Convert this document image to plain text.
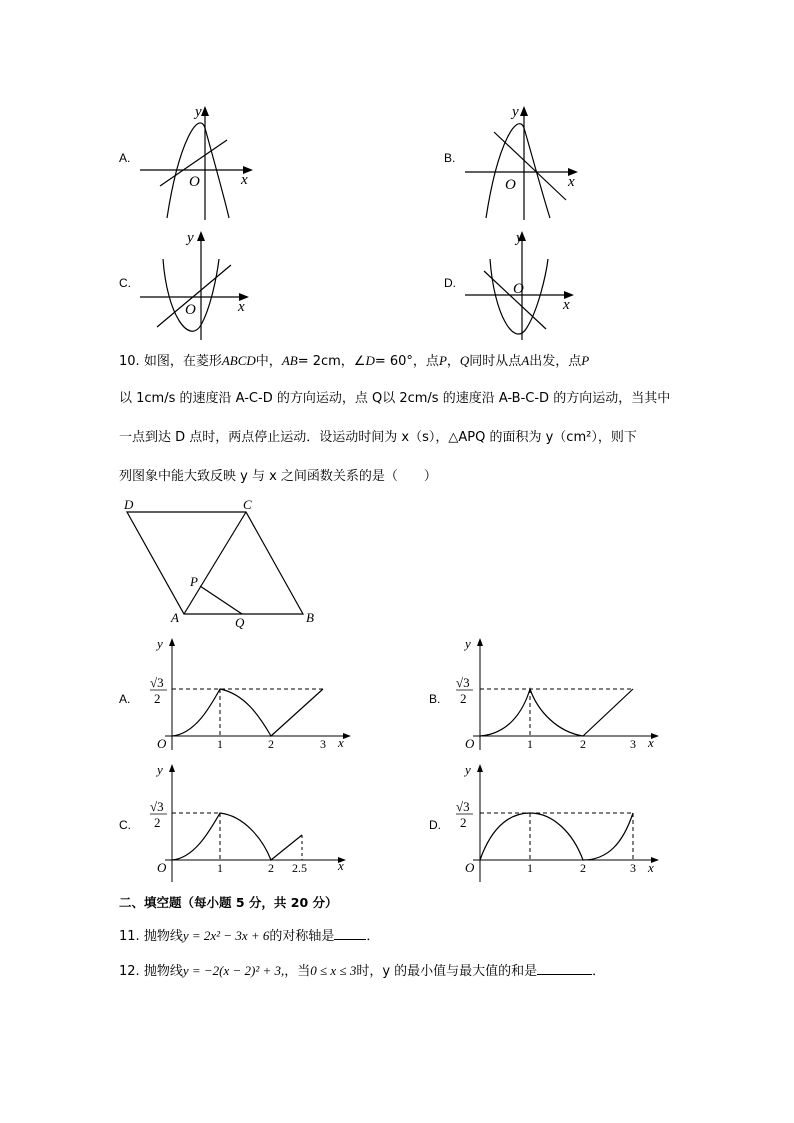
A.
y
x
O
B.
y
x
O
C.
y
x
O
D.
y
x
O
10. 如图，在菱形ABCD中，AB= 2cm，∠D= 60°，点P，Q同时从点A出发，点P
以 1cm/s 的速度沿 A-C-D 的方向运动，点 Q以 2cm/s 的速度沿 A-B-C-D 的方向运动，当其中
一点到达 D 点时，两点停止运动．设运动时间为 x（s），△APQ 的面积为 y（cm²），则下
列图象中能大致反映 y 与 x 之间函数关系的是（　　）
D	C
A	B
P
Q
A.
y
x
O
√3
2
1	2	3
B.
y
x
O
√3
2
1	2	3
C.
y
x
O
√3
2
1	2 2.5
D.
y
x
O
√3
2
1	2	3
二、填空题（每小题 5 分，共 20 分）
11. 抛物线y = 2x² − 3x + 6的对称轴是 ．
12. 抛物线y = −2(x − 2)² + 3,，当0 ≤ x ≤ 3时，y 的最小值与最大值的和是	．
